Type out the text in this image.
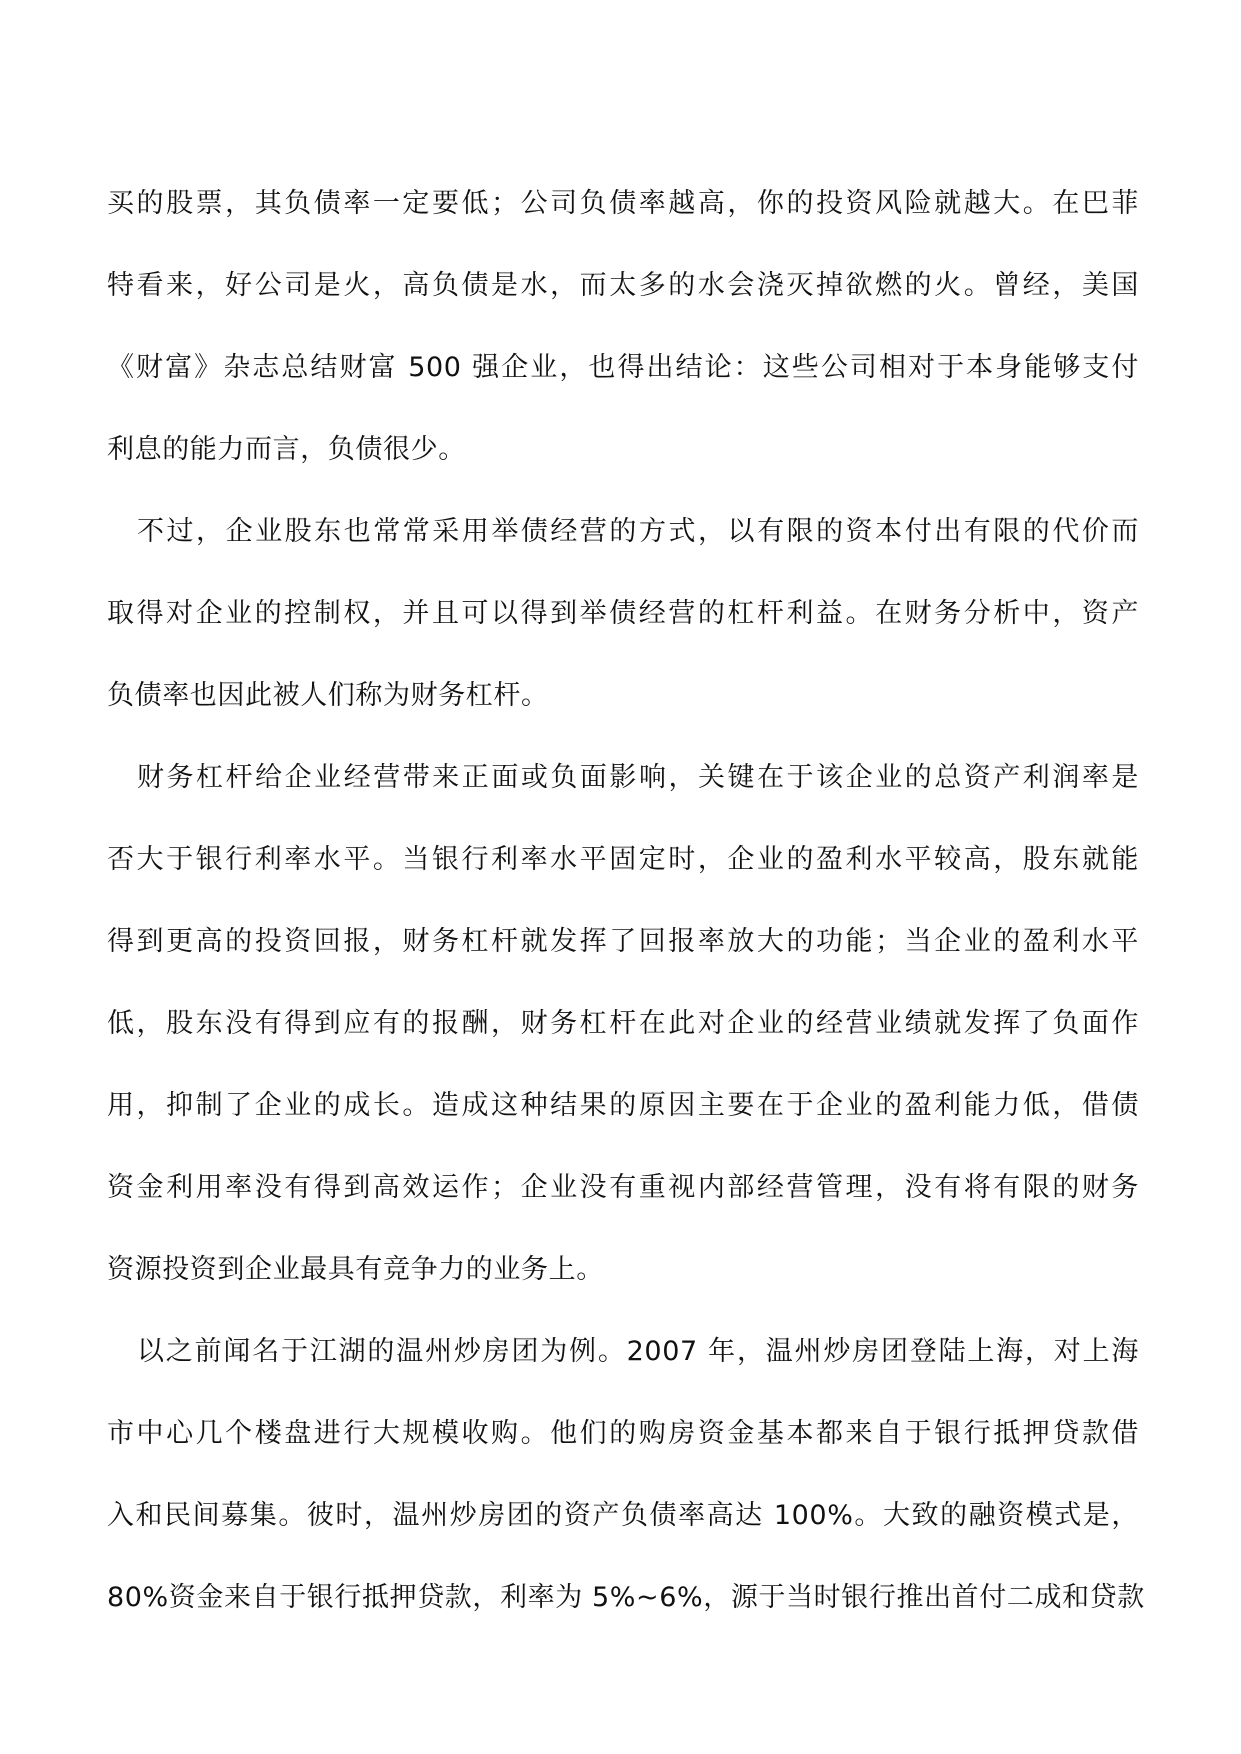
买的股票，其负债率一定要低；公司负债率越高，你的投资风险就越大。在巴菲
特看来，好公司是火，高负债是水，而太多的水会浇灭掉欲燃的火。曾经，美国
《财富》杂志总结财富 500 强企业，也得出结论：这些公司相对于本身能够支付
利息的能力而言，负债很少。
不过，企业股东也常常采用举债经营的方式，以有限的资本付出有限的代价而
取得对企业的控制权，并且可以得到举债经营的杠杆利益。在财务分析中，资产
负债率也因此被人们称为财务杠杆。
财务杠杆给企业经营带来正面或负面影响，关键在于该企业的总资产利润率是
否大于银行利率水平。当银行利率水平固定时，企业的盈利水平较高，股东就能
得到更高的投资回报，财务杠杆就发挥了回报率放大的功能；当企业的盈利水平
低，股东没有得到应有的报酬，财务杠杆在此对企业的经营业绩就发挥了负面作
用，抑制了企业的成长。造成这种结果的原因主要在于企业的盈利能力低，借债
资金利用率没有得到高效运作；企业没有重视内部经营管理，没有将有限的财务
资源投资到企业最具有竞争力的业务上。
以之前闻名于江湖的温州炒房团为例。2007 年，温州炒房团登陆上海，对上海
市中心几个楼盘进行大规模收购。他们的购房资金基本都来自于银行抵押贷款借
入和民间募集。彼时，温州炒房团的资产负债率高达 100%。大致的融资模式是，
80%资金来自于银行抵押贷款，利率为 5%~6%，源于当时银行推出首付二成和贷款
